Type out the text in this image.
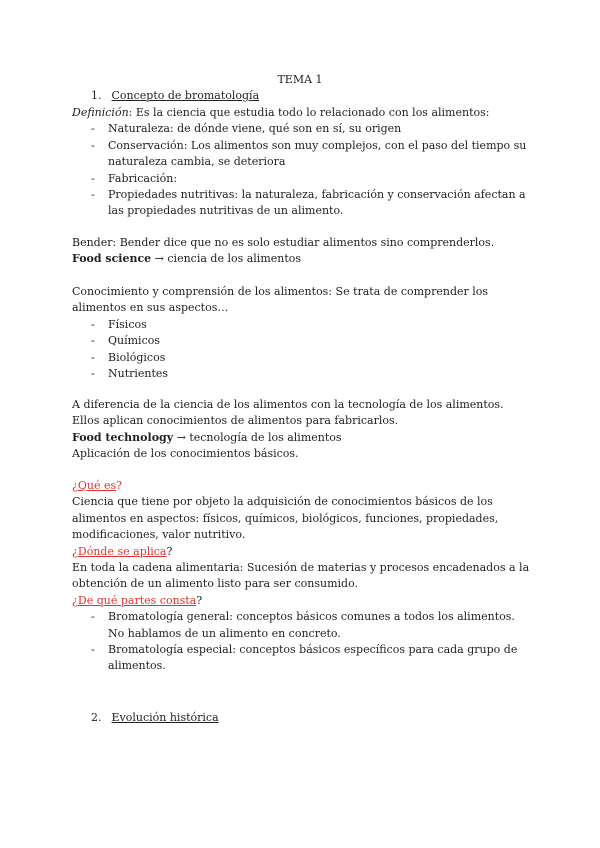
TEMA 1
1. Concepto de bromatología
Definición: Es la ciencia que estudia todo lo relacionado con los alimentos:
- Naturaleza: de dónde viene, qué son en sí, su origen
- Conservación: Los alimentos son muy complejos, con el paso del tiempo su naturaleza cambia, se deteriora
- Fabricación:
- Propiedades nutritivas: la naturaleza, fabricación y conservación afectan a las propiedades nutritivas de un alimento.
Bender: Bender dice que no es solo estudiar alimentos sino comprenderlos.
Food science → ciencia de los alimentos
Conocimiento y comprensión de los alimentos: Se trata de comprender los alimentos en sus aspectos…
- Físicos
- Químicos
- Biológicos
- Nutrientes
A diferencia de la ciencia de los alimentos con la tecnología de los alimentos. Ellos aplican conocimientos de alimentos para fabricarlos.
Food technology → tecnología de los alimentos
Aplicación de los conocimientos básicos.
¿Qué es?
Ciencia que tiene por objeto la adquisición de conocimientos básicos de los alimentos en aspectos: físicos, químicos, biológicos, funciones, propiedades, modificaciones, valor nutritivo.
¿Dónde se aplica?
En toda la cadena alimentaria: Sucesión de materias y procesos encadenados a la obtención de un alimento listo para ser consumido.
¿De qué partes consta?
- Bromatología general: conceptos básicos comunes a todos los alimentos. No hablamos de un alimento en concreto.
- Bromatología especial: conceptos básicos específicos para cada grupo de alimentos.
2. Evolución histórica
